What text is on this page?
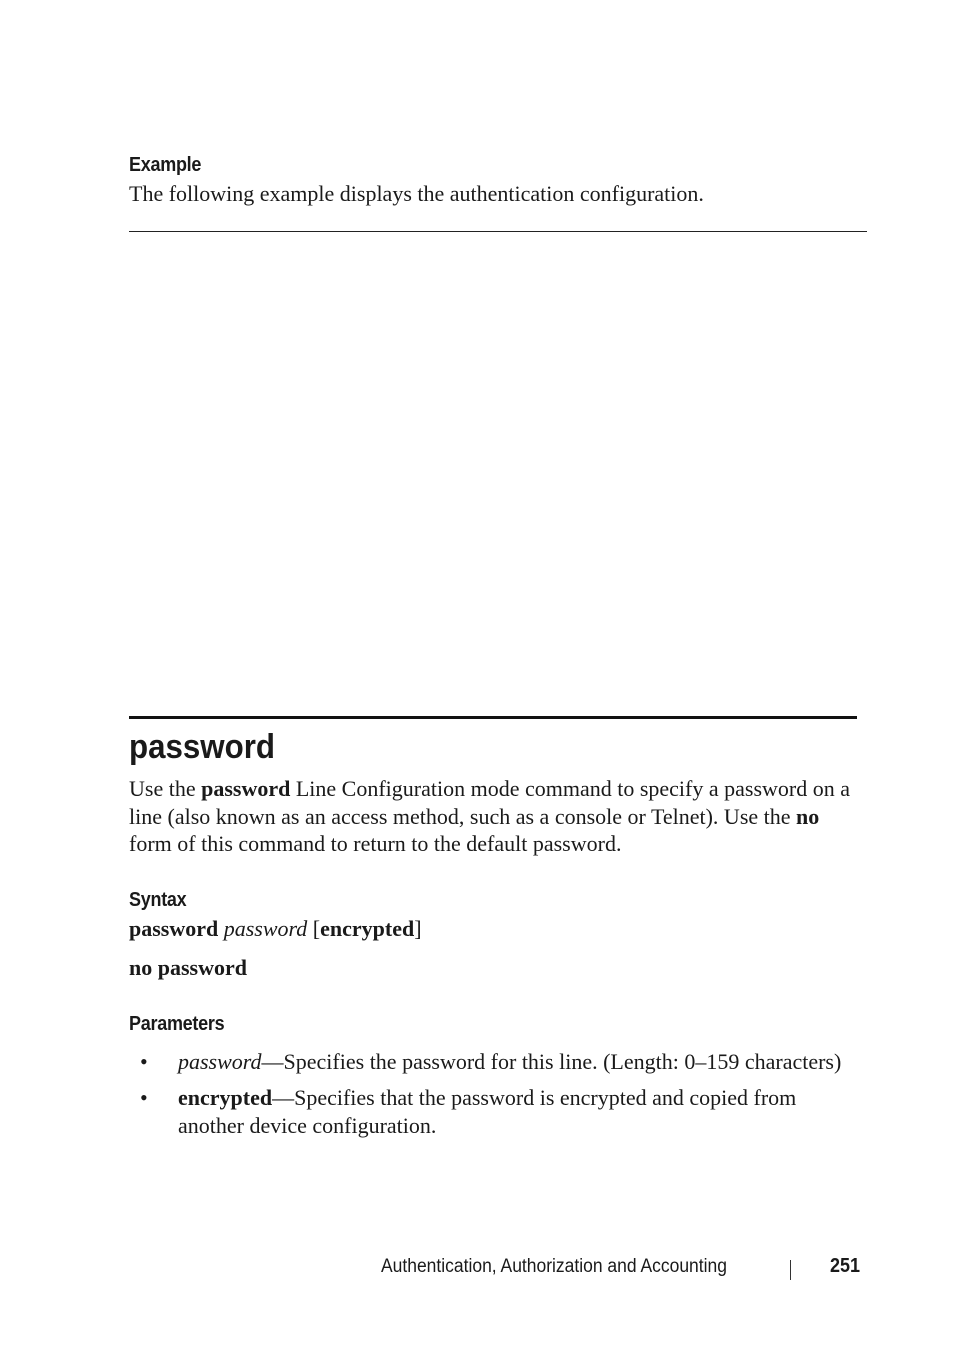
Example
The following example displays the authentication configuration.
password
Use the password Line Configuration mode command to specify a password on a line (also known as an access method, such as a console or Telnet). Use the no form of this command to return to the default password.
Syntax
password password [encrypted]
no password
Parameters
• password—Specifies the password for this line. (Length: 0–159 characters)
• encrypted—Specifies that the password is encrypted and copied from another device configuration.
Authentication, Authorization and Accounting	251
